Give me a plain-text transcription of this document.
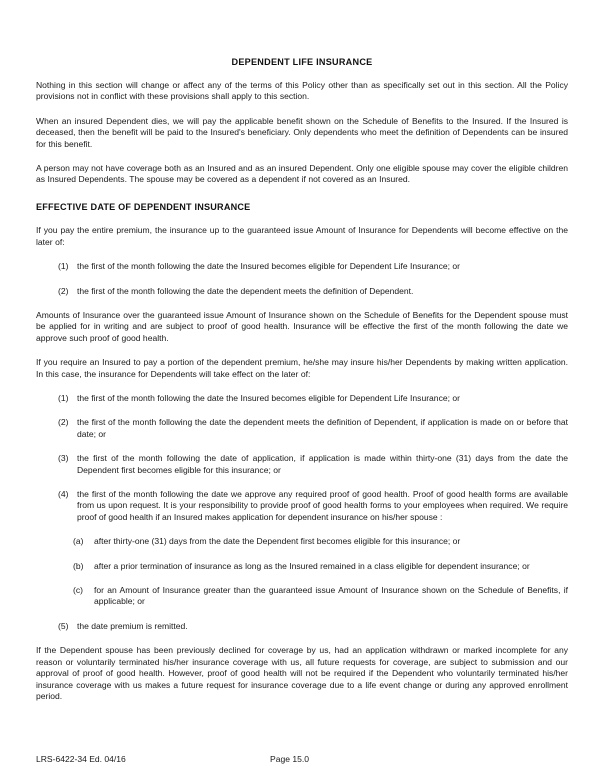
DEPENDENT LIFE INSURANCE

Nothing in this section will change or affect any of the terms of this Policy other than as specifically set out in this section. All the Policy provisions not in conflict with these provisions shall apply to this section.

When an insured Dependent dies, we will pay the applicable benefit shown on the Schedule of Benefits to the Insured. If the Insured is deceased, then the benefit will be paid to the Insured's beneficiary. Only dependents who meet the definition of Dependents can be insured for this benefit.

A person may not have coverage both as an Insured and as an insured Dependent. Only one eligible spouse may cover the eligible children as Insured Dependents. The spouse may be covered as a dependent if not covered as an Insured.

EFFECTIVE DATE OF DEPENDENT INSURANCE

If you pay the entire premium, the insurance up to the guaranteed issue Amount of Insurance for Dependents will become effective on the later of:

(1) the first of the month following the date the Insured becomes eligible for Dependent Life Insurance; or
(2) the first of the month following the date the dependent meets the definition of Dependent.

Amounts of Insurance over the guaranteed issue Amount of Insurance shown on the Schedule of Benefits for the Dependent spouse must be applied for in writing and are subject to proof of good health. Insurance will be effective the first of the month following the date we approve such proof of good health.

If you require an Insured to pay a portion of the dependent premium, he/she may insure his/her Dependents by making written application. In this case, the insurance for Dependents will take effect on the later of:

(1) the first of the month following the date the Insured becomes eligible for Dependent Life Insurance; or
(2) the first of the month following the date the dependent meets the definition of Dependent, if application is made on or before that date; or
(3) the first of the month following the date of application, if application is made within thirty-one (31) days from the date the Dependent first becomes eligible for this insurance; or
(4) the first of the month following the date we approve any required proof of good health. Proof of good health forms are available from us upon request. It is your responsibility to provide proof of good health forms to your employees when required. We require proof of good health if an Insured makes application for dependent insurance on his/her spouse :
(a)	after thirty-one (31) days from the date the Dependent first becomes eligible for this insurance; or
(b)	after a prior termination of insurance as long as the Insured remained in a class eligible for dependent insurance; or
(c)	for an Amount of Insurance greater than the guaranteed issue Amount of Insurance shown on the Schedule of Benefits, if applicable; or
(5) the date premium is remitted.

If the Dependent spouse has been previously declined for coverage by us, had an application withdrawn or marked incomplete for any reason or voluntarily terminated his/her insurance coverage with us, all future requests for coverage, are subject to submission and our approval of proof of good health. However, proof of good health will not be required if the Dependent who voluntarily terminated his/her insurance coverage with us makes a future request for insurance coverage due to a life event change or during any approved enrollment period.

LRS-6422-34 Ed. 04/16	Page 15.0
